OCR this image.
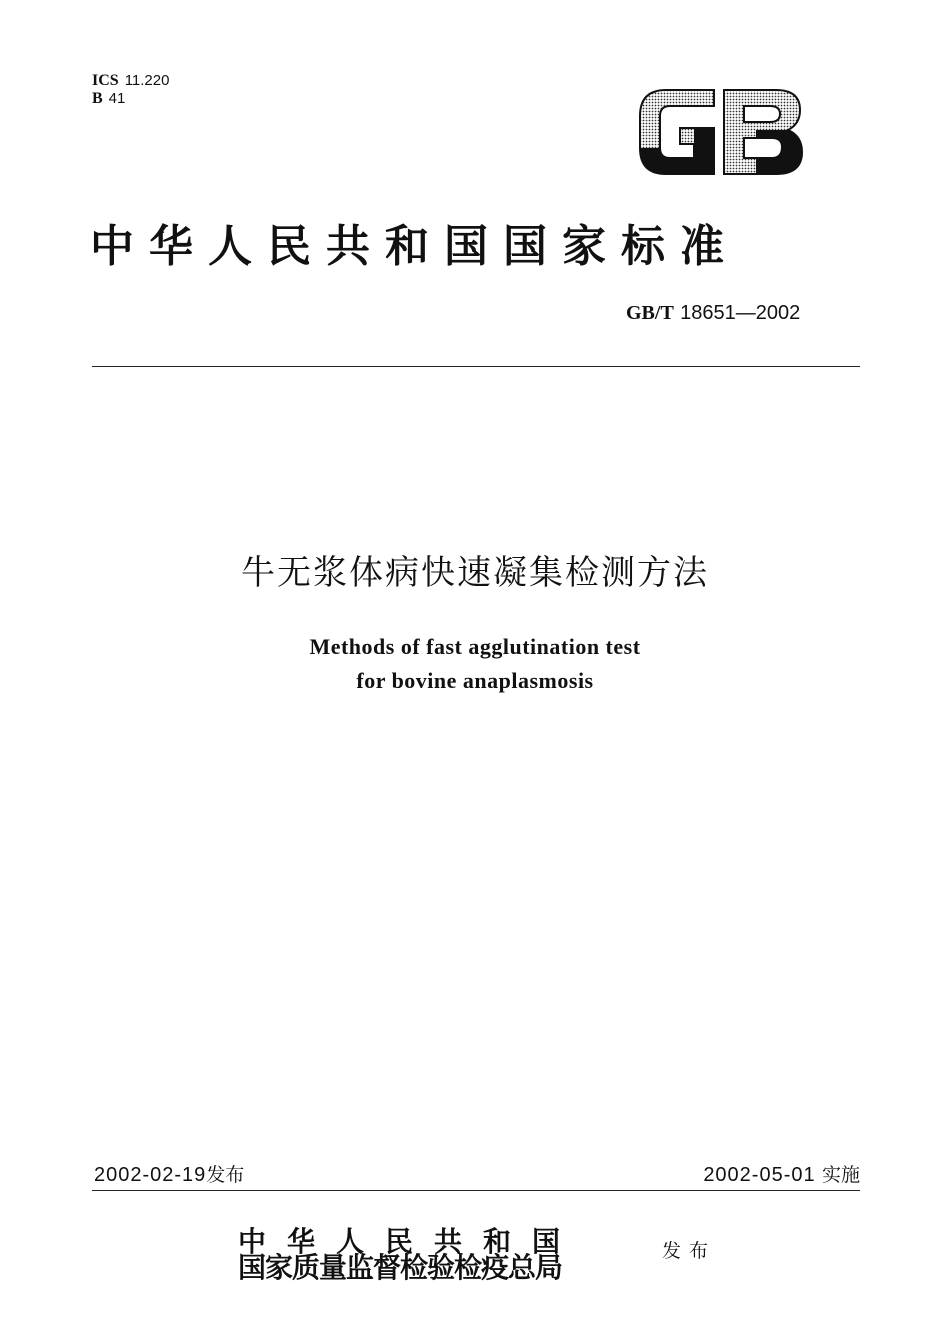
ICS 11.220
B 41
中华人民共和国国家标准
GB/T 18651—2002
牛无浆体病快速凝集检测方法
Methods of fast agglutination test
for bovine anaplasmosis
2002-02-19发布	2002-05-01 实施
中华人民共和国
国家质量监督检验检疫总局	发布
